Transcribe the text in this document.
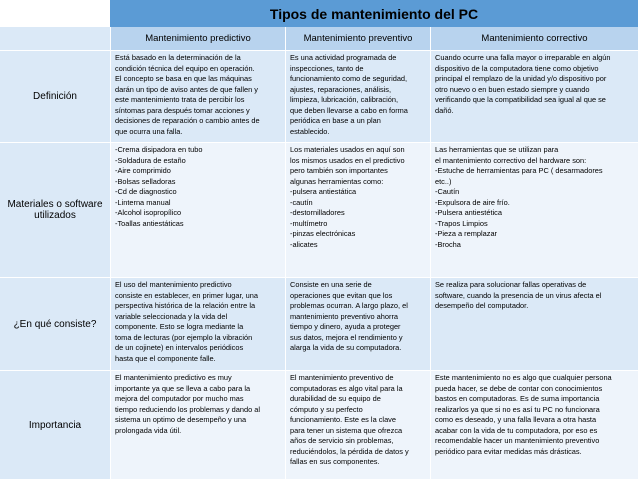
Tipos de mantenimiento del PC
Mantenimiento predictivo	Mantenimiento preventivo	Mantenimiento correctivo
Definición
Está basado en la determinación de la
condición técnica del equipo en operación.
El concepto se basa en que las máquinas
darán un tipo de aviso antes de que fallen y
este mantenimiento trata de percibir los
síntomas para después tomar acciones y
decisiones de reparación o cambio antes de
que ocurra una falla.
Es una actividad programada de
inspecciones, tanto de
funcionamiento como de seguridad,
ajustes, reparaciones, análisis,
limpieza, lubricación, calibración,
que deben llevarse a cabo en forma
periódica en base a un plan
establecido.
Cuando ocurre una falla mayor o irreparable en algún
dispositivo de la computadora tiene como objetivo
principal el remplazo de la unidad y/o dispositivo por
otro nuevo o en buen estado siempre y cuando
verificando que la compatibilidad sea igual al que se
dañó.
Materiales o software utilizados
-Crema disipadora en tubo
-Soldadura de estaño
-Aire comprimido
-Bolsas selladoras
-Cd de diagnostico
-Linterna manual
-Alcohol isopropílico
-Toallas antiestáticas
Los materiales usados en aquí son
los mismos usados en el predictivo
pero también son importantes
algunas herramientas como:
-pulsera antiestática
-cautín
-destornilladores
-multímetro
-pinzas electrónicas
-alicates
Las herramientas que se utilizan para
el mantenimiento correctivo del hardware son:
-Estuche de herramientas para PC ( desarmadores
etc..)
-Cautín
-Expulsora de aire frío.
-Pulsera antiestética
-Trapos Limpios
-Pieza a remplazar
-Brocha
¿En qué consiste?
El uso del mantenimiento predictivo
consiste en establecer, en primer lugar, una
perspectiva histórica de la relación entre la
variable seleccionada y la vida del
componente. Esto se logra mediante la
toma de lecturas (por ejemplo la vibración
de un cojinete) en intervalos periódicos
hasta que el componente falle.
Consiste en una serie de
operaciones que evitan que los
problemas ocurran. A largo plazo, el
mantenimiento preventivo ahorra
tiempo y dinero, ayuda a proteger
sus datos, mejora el rendimiento y
alarga la vida de su computadora.
Se realiza para solucionar fallas operativas de
software, cuando la presencia de un virus afecta el
desempeño del computador.
Importancia
El mantenimiento predictivo es muy
importante ya que se lleva a cabo para la
mejora del computador por mucho mas
tiempo reduciendo los problemas y dando al
sistema un optimo de desempeño y una
prolongada vida útil.
El mantenimiento preventivo de
computadoras es algo vital para la
durabilidad de su equipo de
cómputo y su perfecto
funcionamiento. Este es la clave
para tener un sistema que ofrezca
años de servicio sin problemas,
reduciéndolos, la pérdida de datos y
fallas en sus componentes.
Este mantenimiento no es algo que cualquier persona
pueda hacer, se debe de contar con conocimientos
bastos en computadoras. Es de suma importancia
realizarlos ya que si no es así tu PC no funcionara
como es deseado, y una falla llevara a otra hasta
acabar con la vida de tu computadora, por eso es
recomendable hacer un mantenimiento preventivo
periódico para evitar medidas más drásticas.
